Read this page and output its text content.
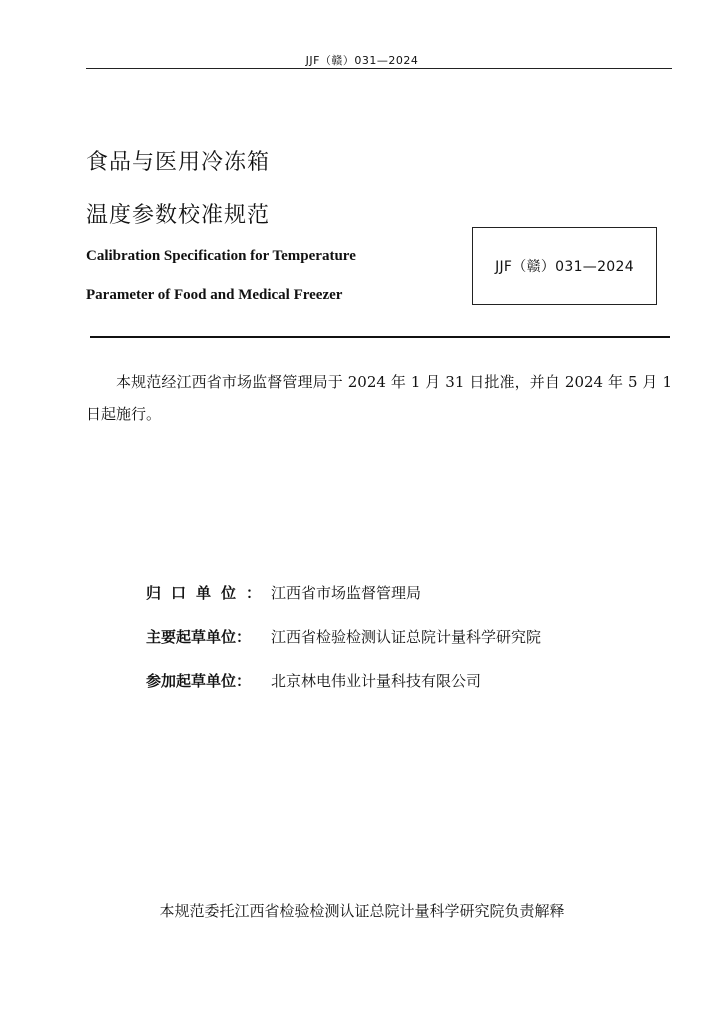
JJF（赣）031—2024
食品与医用冷冻箱
温度参数校准规范
Calibration Specification for Temperature
Parameter of Food and Medical Freezer
JJF（赣）031—2024
本规范经江西省市场监督管理局于 2024 年 1 月 31 日批准，并自 2024 年 5 月 1 日起施行。
归口单位： 江西省市场监督管理局
主要起草单位：	江西省检验检测认证总院计量科学研究院
参加起草单位：	北京林电伟业计量科技有限公司
本规范委托江西省检验检测认证总院计量科学研究院负责解释
